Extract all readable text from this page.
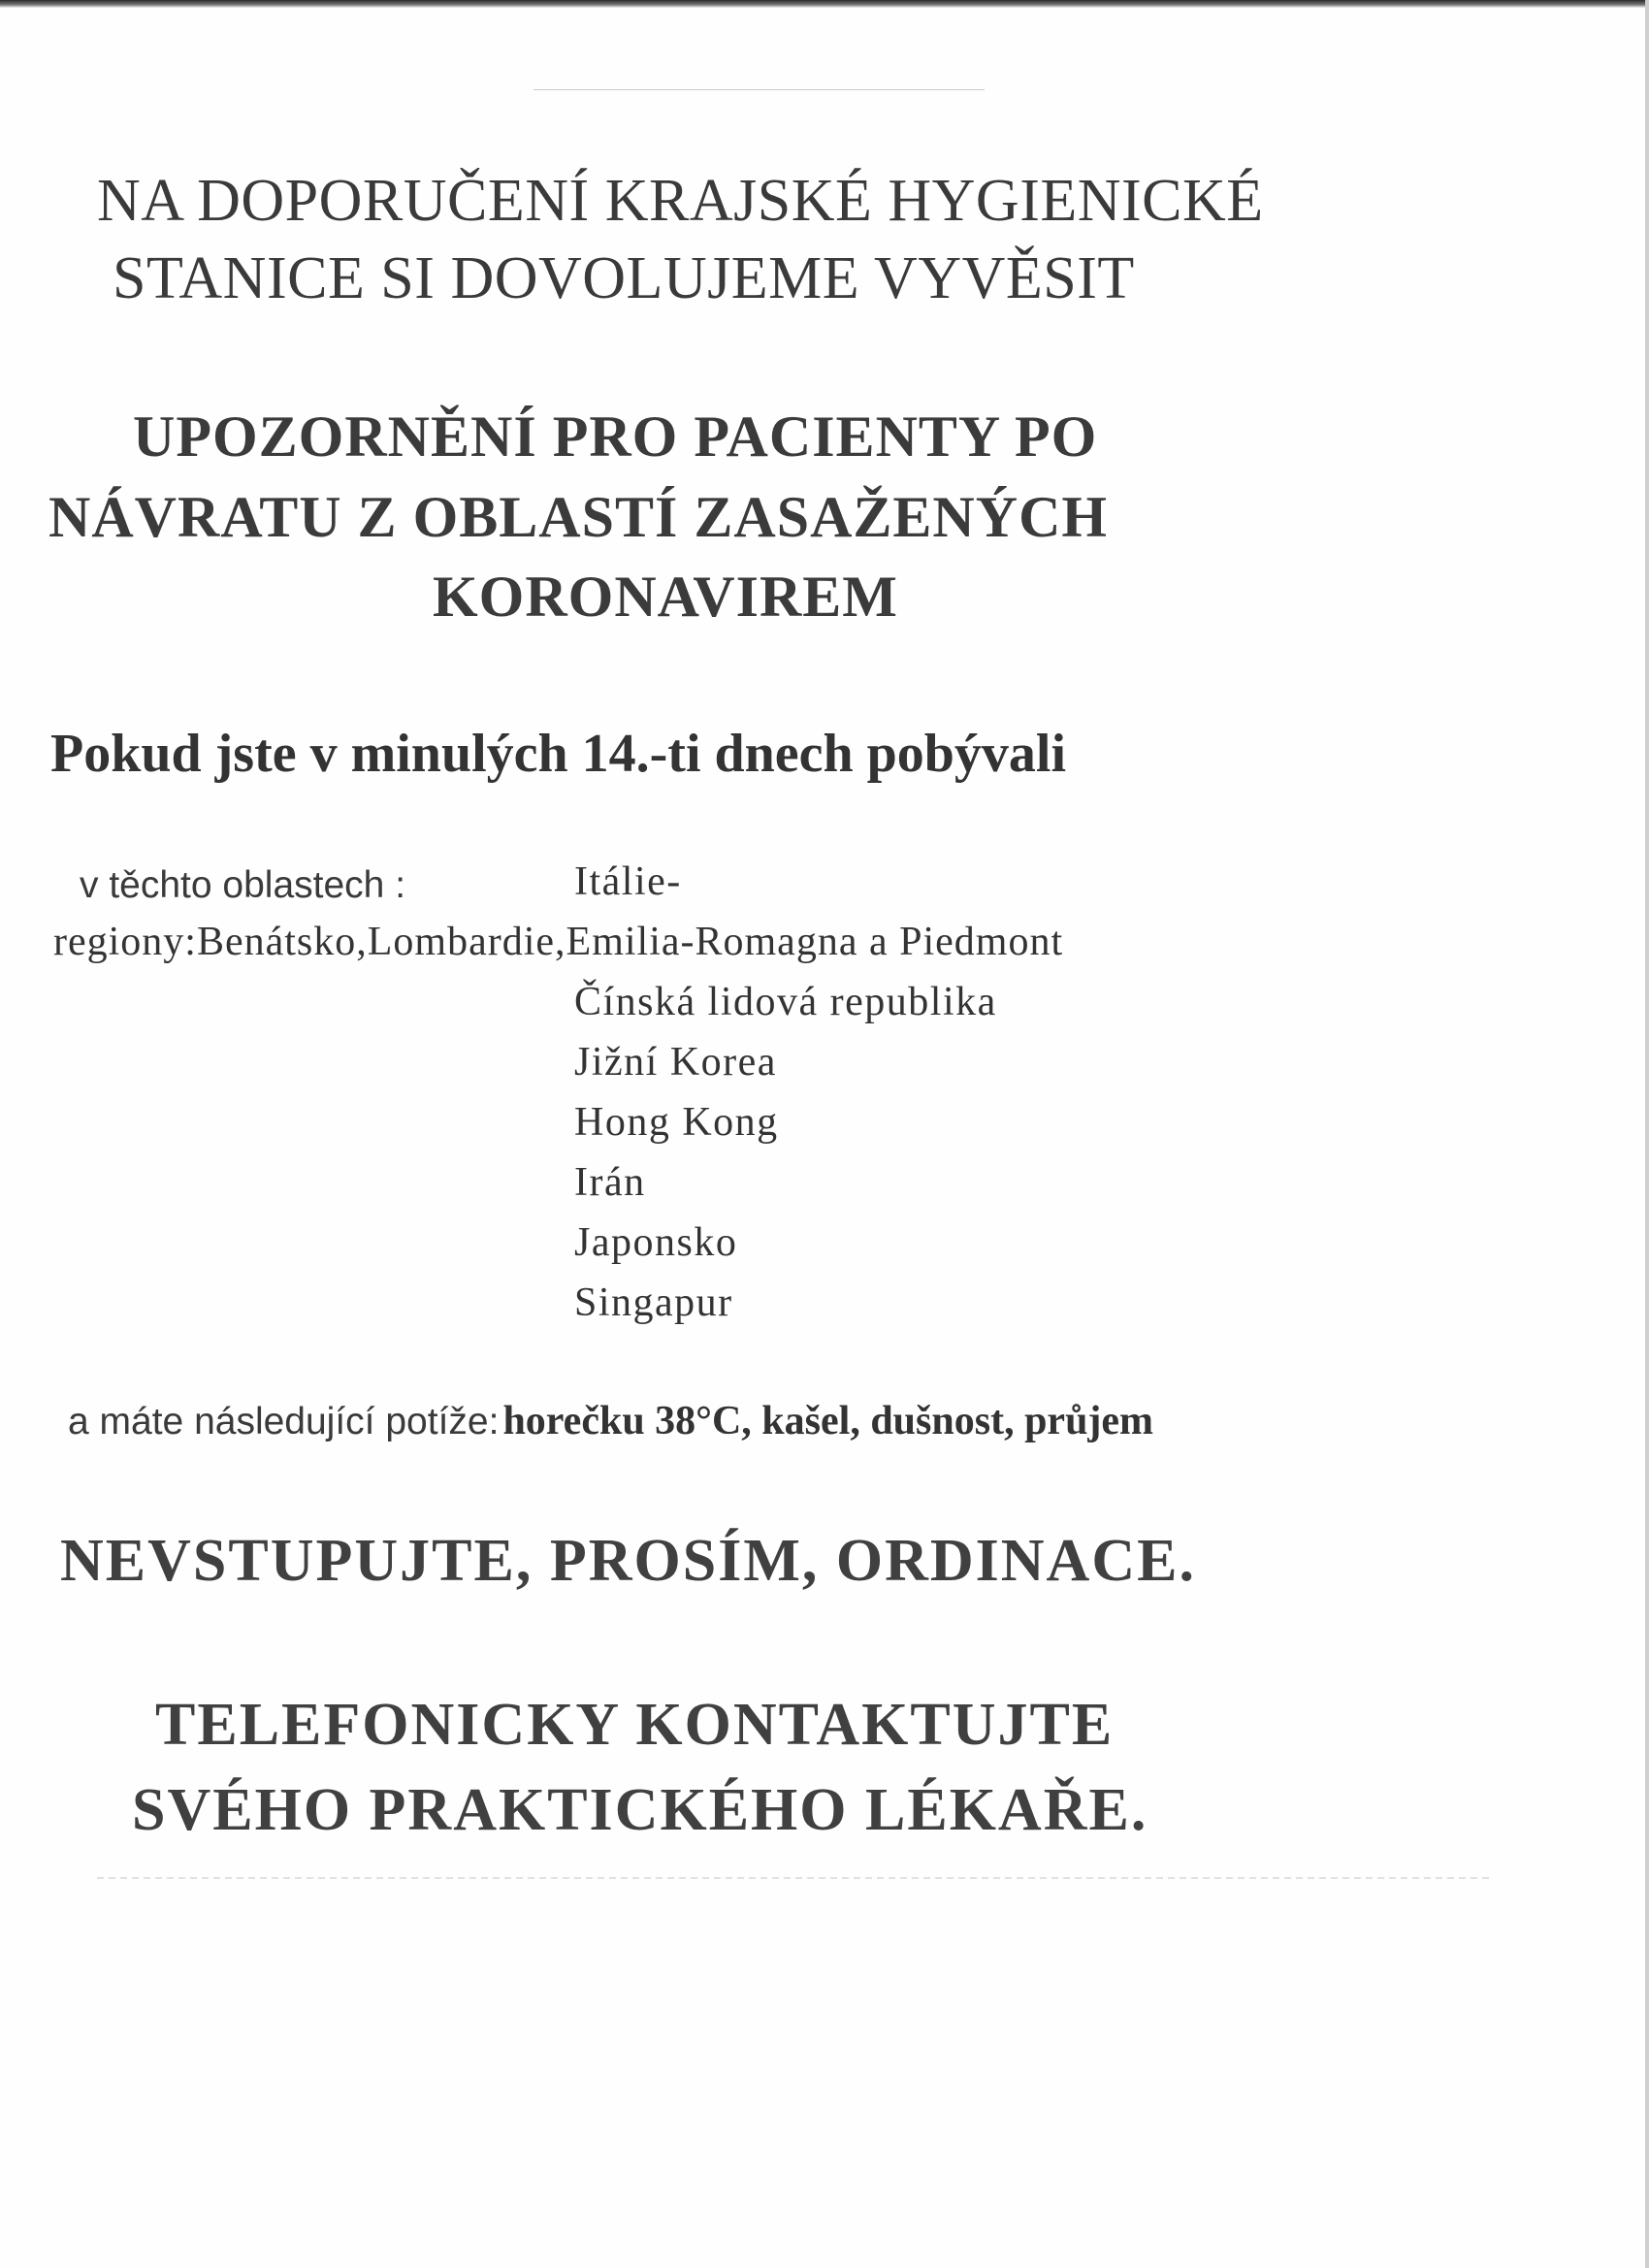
NA DOPORUČENÍ KRAJSKÉ HYGIENICKÉ

STANICE SI DOVOLUJEME VYVĚSIT

UPOZORNĚNÍ PRO PACIENTY PO

NÁVRATU Z OBLASTÍ ZASAŽENÝCH

KORONAVIREM

Pokud jste v minulých 14.-ti dnech pobývali

v těchto oblastech :	Itálie-

regiony:Benátsko,Lombardie,Emilia-Romagna a Piedmont

Čínská lidová republika

Jižní Korea

Hong Kong

Irán

Japonsko

Singapur

a máte následující potíže: horečku 38°C, kašel, dušnost, průjem

NEVSTUPUJTE, PROSÍM, ORDINACE.

TELEFONICKY KONTAKTUJTE

SVÉHO PRAKTICKÉHO LÉKAŘE.
